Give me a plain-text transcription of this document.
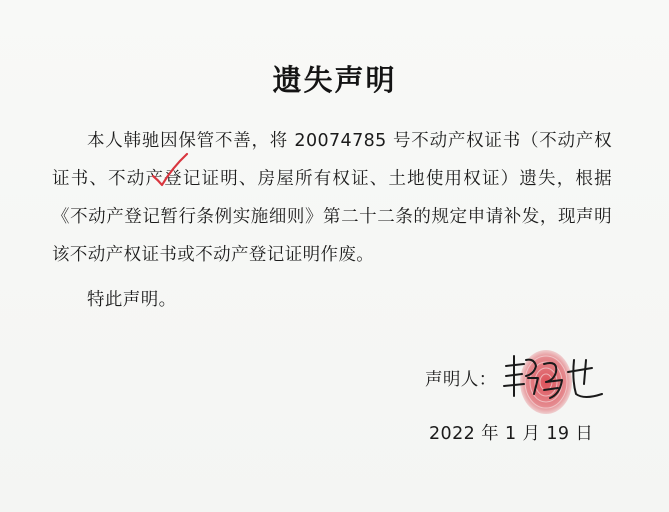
遗失声明
本人韩驰因保管不善，将 20074785 号不动产权证书（不动产权证书、不动产登记证明、房屋所有权证、土地使用权证）遗失，根据《不动产登记暂行条例实施细则》第二十二条的规定申请补发，现声明该不动产权证书或不动产登记证明作废。
特此声明。
声明人：
2022 年 1 月 19 日
